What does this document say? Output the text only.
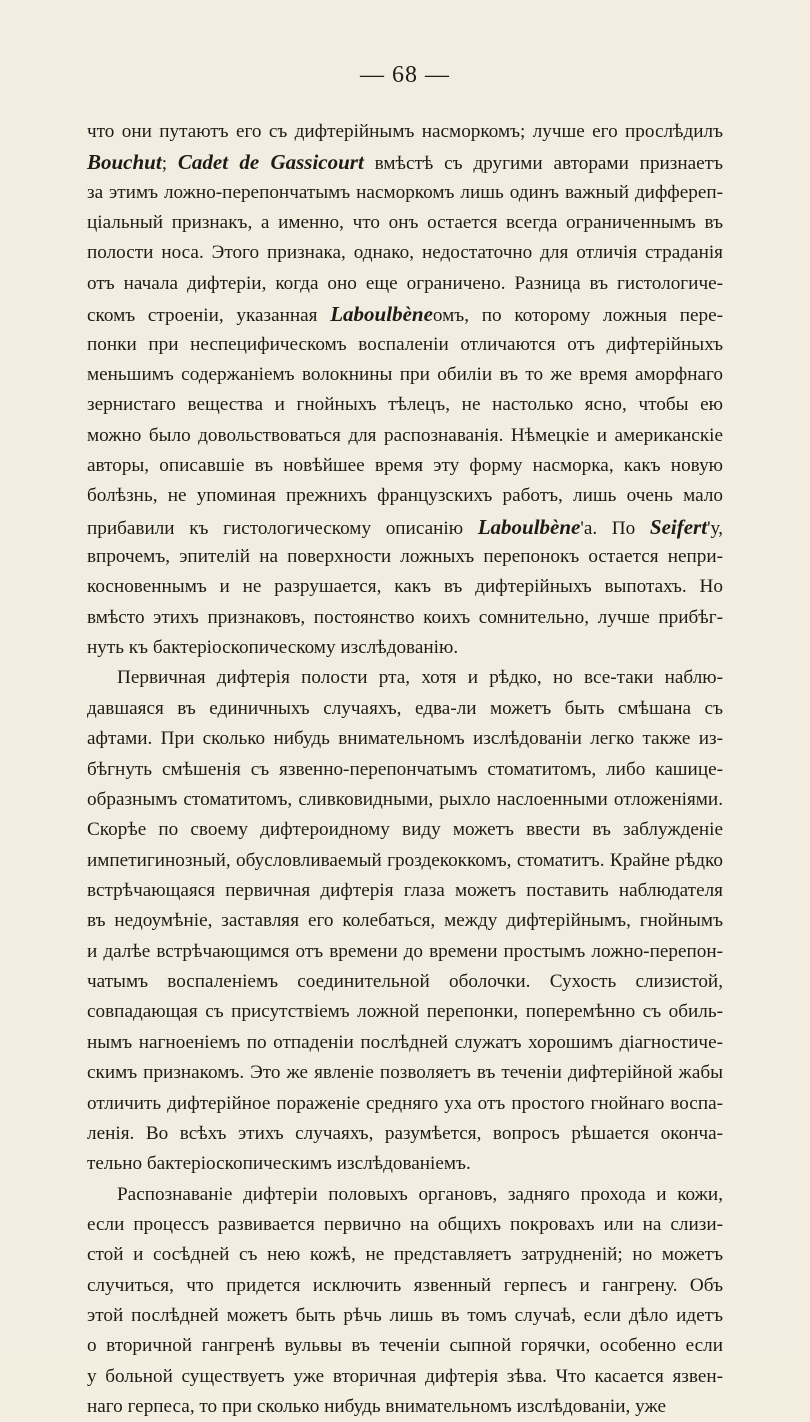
— 68 —
что они путаютъ его съ дифтерійнымъ насморкомъ; лучше его прослѣдилъ
Bouchut; Cadet de Gassicourt вмѣстѣ съ другими авторами признаетъ
за этимъ ложно-перепончатымъ насморкомъ лишь одинъ важный диффереп-
ціальный признакъ, а именно, что онъ остается всегда ограниченнымъ въ
полости носа. Этого признака, однако, недостаточно для отличія страданія
отъ начала дифтеріи, когда оно еще ограничено. Разница въ гистологиче-
скомъ строеніи, указанная Laboulbèneомъ, по которому ложныя пере-
понки при неспецифическомъ воспаленіи отличаются отъ дифтерійныхъ
меньшимъ содержаніемъ волокнины при обиліи въ то же время аморфнаго
зернистаго вещества и гнойныхъ тѣлецъ, не настолько ясно, чтобы ею
можно было довольствоваться для распознаванія. Нѣмецкіе и американскіе
авторы, описавшіе въ новѣйшее время эту форму насморка, какъ новую
болѣзнь, не упоминая прежнихъ французскихъ работъ, лишь очень мало
прибавили къ гистологическому описанію Laboulbène'а. По Seifert'у,
впрочемъ, эпителій на поверхности ложныхъ перепонокъ остается непри-
косновеннымъ и не разрушается, какъ въ дифтерійныхъ выпотахъ. Но
вмѣсто этихъ признаковъ, постоянство коихъ сомнительно, лучше прибѣг-
нуть къ бактеріоскопическому изслѣдованію.
Первичная дифтерія полости рта, хотя и рѣдко, но все-таки наблю-
давшаяся въ единичныхъ случаяхъ, едва-ли можетъ быть смѣшана съ
афтами. При сколько нибудь внимательномъ изслѣдованіи легко также из-
бѣгнуть смѣшенія съ язвенно-перепончатымъ стоматитомъ, либо кашице-
образнымъ стоматитомъ, сливковидными, рыхло наслоенными отложеніями.
Скорѣе по своему дифтероидному виду можетъ ввести въ заблужденіе
импетигинозный, обусловливаемый гроздекоккомъ, стоматитъ. Крайне рѣдко
встрѣчающаяся первичная дифтерія глаза можетъ поставить наблюдателя
въ недоумѣніе, заставляя его колебаться, между дифтерійнымъ, гнойнымъ
и далѣе встрѣчающимся отъ времени до времени простымъ ложно-перепон-
чатымъ воспаленіемъ соединительной оболочки. Сухость слизистой,
совпадающая съ присутствіемъ ложной перепонки, поперемѣнно съ обиль-
нымъ нагноеніемъ по отпаденіи послѣдней служатъ хорошимъ діагностиче-
скимъ признакомъ. Это же явленіе позволяетъ въ теченіи дифтерійной жабы
отличить дифтерійное пораженіе средняго уха отъ простого гнойнаго воспа-
ленія. Во всѣхъ этихъ случаяхъ, разумѣется, вопросъ рѣшается оконча-
тельно бактеріоскопическимъ изслѣдованіемъ.
Распознаваніе дифтеріи половыхъ органовъ, задняго прохода и кожи,
если процессъ развивается первично на общихъ покровахъ или на слизи-
стой и сосѣдней съ нею кожѣ, не представляетъ затрудненій; но можетъ
случиться, что придется исключить язвенный герпесъ и гангрену. Объ
этой послѣдней можетъ быть рѣчь лишь въ томъ случаѣ, если дѣло идетъ
о вторичной гангренѣ вульвы въ теченіи сыпной горячки, особенно если
у больной существуетъ уже вторичная дифтерія зѣва. Что касается язвен-
наго герпеса, то при сколько нибудь внимательномъ изслѣдованіи, уже
